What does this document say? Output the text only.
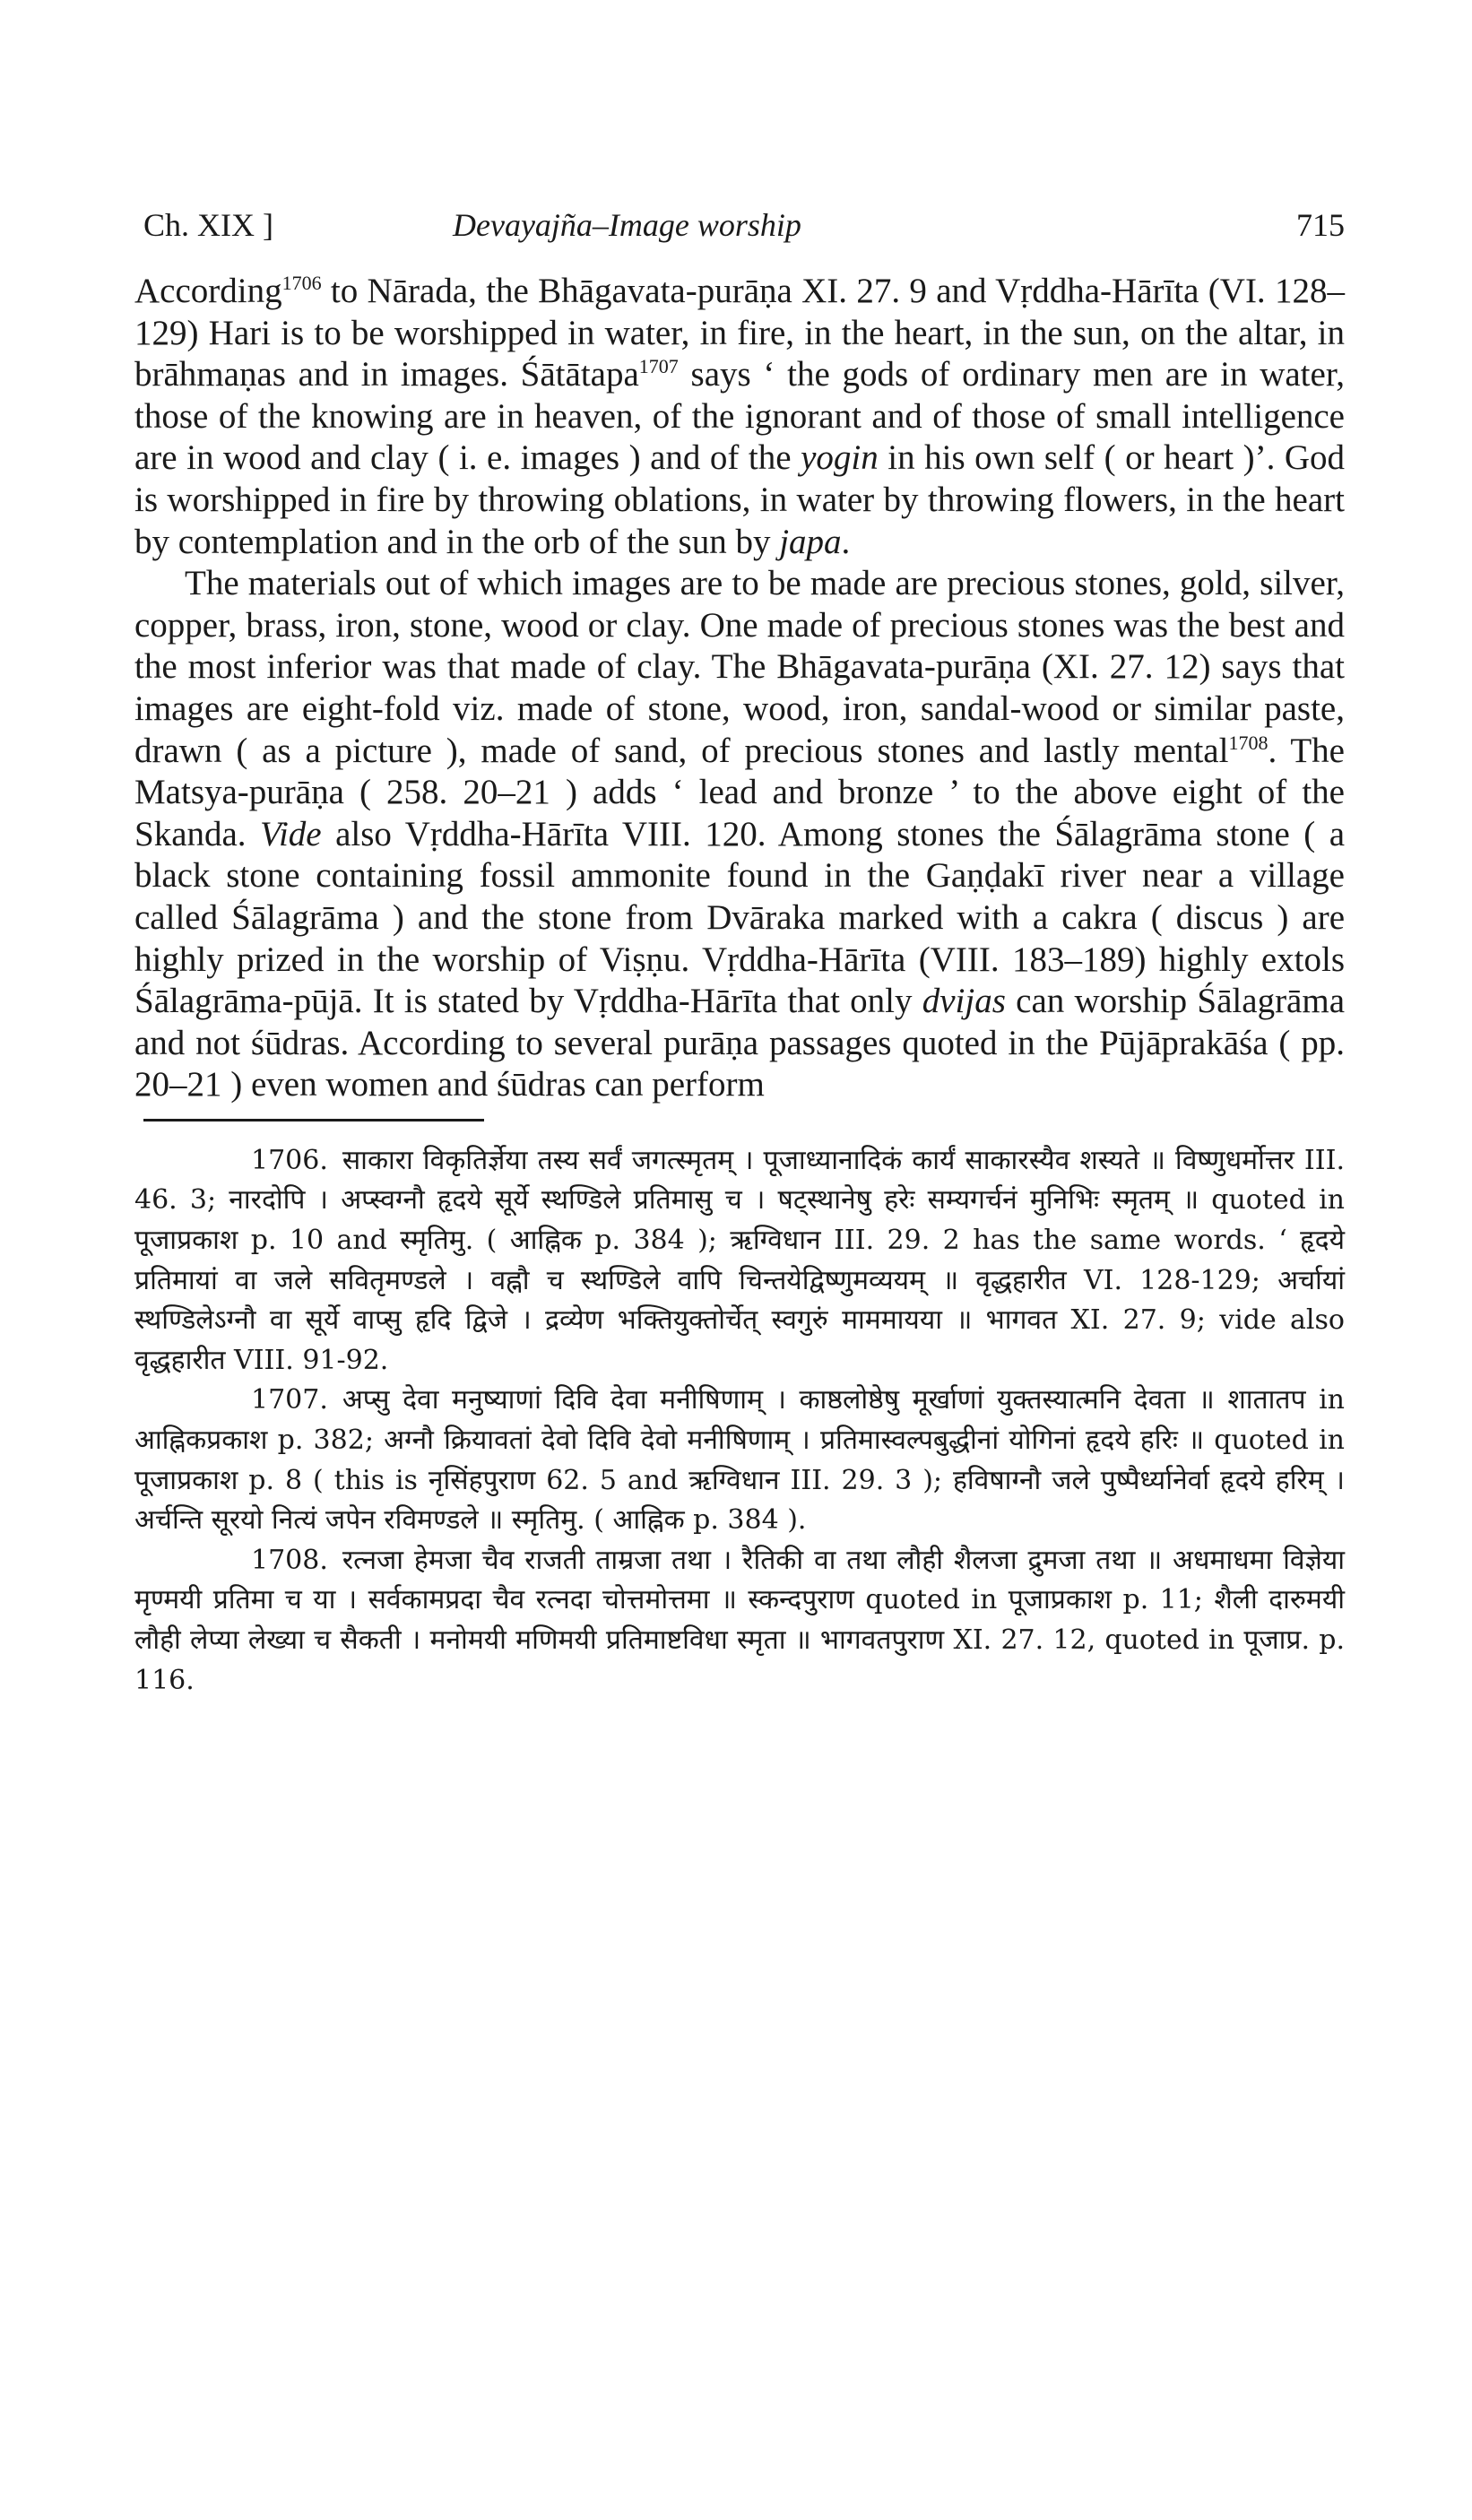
Ch. XIX ]	Devayajña–Image worship	715

According$^{1706}$ to Nārada, the Bhāgavata-purāṇa XI. 27. 9 and Vṛddha-Hārīta (VI. 128–129) Hari is to be worshipped in water, in fire, in the heart, in the sun, on the altar, in brāhmaṇas and in images. Śātātapa$^{1707}$ says ‘ the gods of ordinary men are in water, those of the knowing are in heaven, of the ignorant and of those of small intelligence are in wood and clay ( i. e. images ) and of the yogin in his own self ( or heart )’. God is worshipped in fire by throwing oblations, in water by throwing flowers, in the heart by contemplation and in the orb of the sun by japa.

The materials out of which images are to be made are precious stones, gold, silver, copper, brass, iron, stone, wood or clay. One made of precious stones was the best and the most inferior was that made of clay. The Bhāgavata-purāṇa (XI. 27. 12) says that images are eight-fold viz. made of stone, wood, iron, sandal-wood or similar paste, drawn ( as a picture ), made of sand, of precious stones and lastly mental$^{1708}$. The Matsya-purāṇa ( 258. 20–21 ) adds ‘ lead and bronze ’ to the above eight of the Skanda. Vide also Vṛddha-Hārīta VIII. 120. Among stones the Śālagrāma stone ( a black stone containing fossil ammonite found in the Gaṇḍakī river near a village called Śālagrāma ) and the stone from Dvāraka marked with a cakra ( discus ) are highly prized in the worship of Viṣṇu. Vṛddha-Hārīta (VIII. 183–189) highly extols Śālagrāma-pūjā. It is stated by Vṛddha-Hārīta that only dvijas can worship Śālagrāma and not śūdras. According to several purāṇa passages quoted in the Pūjāprakāśa ( pp. 20–21 ) even women and śūdras can perform

1706. साकारा विकृतिर्ज्ञेया तस्य सर्वं जगत्स्मृतम् । पूजाध्यानादिकं कार्यं साकारस्यैव शस्यते ॥ विष्णुधर्मोत्तर III. 46. 3; नारदोपि । अप्स्वग्नौ हृदये सूर्ये स्थण्डिले प्रतिमासु च । षट्स्थानेषु हरेः सम्यगर्चनं मुनिभिः स्मृतम् ॥ quoted in पूजाप्रकाश p. 10 and स्मृतिमु. ( आह्निक p. 384 ); ऋग्विधान III. 29. 2 has the same words. ‘ हृदये प्रतिमायां वा जले सवितृमण्डले । वह्नौ च स्थण्डिले वापि चिन्तयेद्विष्णुमव्ययम् ॥ वृद्धहारीत VI. 128-129; अर्चायां स्थण्डिलेऽग्नौ वा सूर्ये वाप्सु हृदि द्विजे । द्रव्येण भक्तियुक्तोर्चेत् स्वगुरुं माममायया ॥ भागवत XI. 27. 9; vide also वृद्धहारीत VIII. 91-92.

1707. अप्सु देवा मनुष्याणां दिवि देवा मनीषिणाम् । काष्ठलोष्ठेषु मूर्खाणां युक्तस्यात्मनि देवता ॥ शातातप in आह्निकप्रकाश p. 382; अग्नौ क्रियावतां देवो दिवि देवो मनीषिणाम् । प्रतिमास्वल्पबुद्धीनां योगिनां हृदये हरिः ॥ quoted in पूजाप्रकाश p. 8 ( this is नृसिंहपुराण 62. 5 and ऋग्विधान III. 29. 3 ); हविषाग्नौ जले पुष्पैर्ध्यानेर्वा हृदये हरिम् । अर्चन्ति सूरयो नित्यं जपेन रविमण्डले ॥ स्मृतिमु. ( आह्निक p. 384 ).

1708. रत्नजा हेमजा चैव राजती ताम्रजा तथा । रैतिकी वा तथा लौही शैलजा द्रुमजा तथा ॥ अधमाधमा विज्ञेया मृण्मयी प्रतिमा च या । सर्वकामप्रदा चैव रत्नदा चोत्तमोत्तमा ॥ स्कन्दपुराण quoted in पूजाप्रकाश p. 11; शैली दारुमयी लौही लेप्या लेख्या च सैकती । मनोमयी मणिमयी प्रतिमाष्टविधा स्मृता ॥ भागवतपुराण XI. 27. 12, quoted in पूजाप्र. p. 116.
